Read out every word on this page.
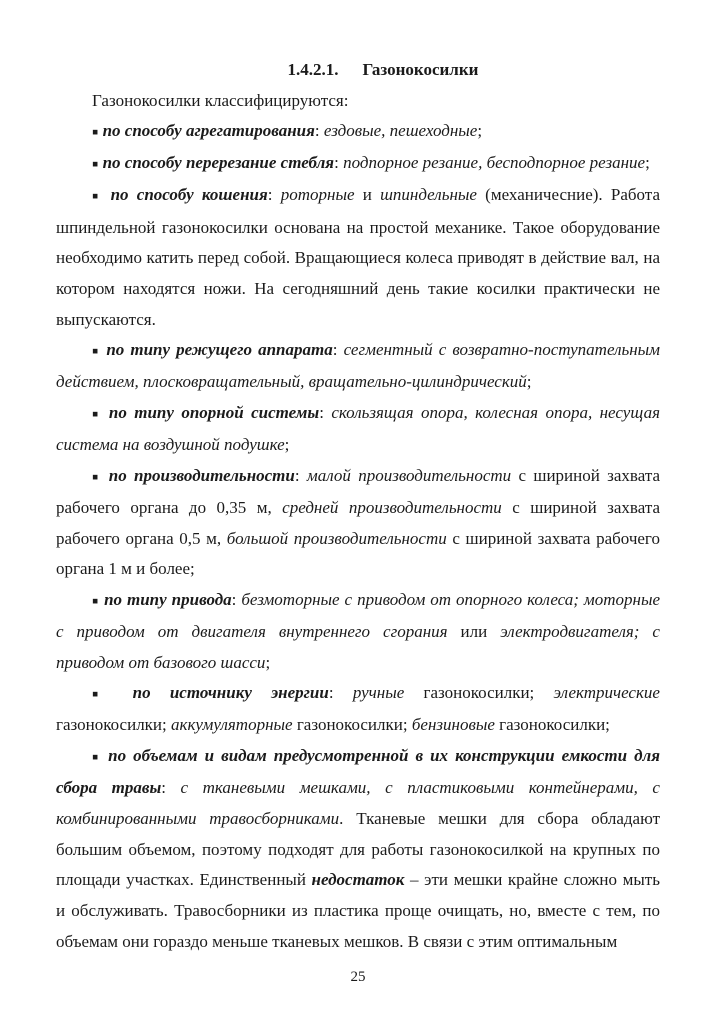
1.4.2.1. Газонокосилки

Газонокосилки классифицируются:

▪ по способу агрегатирования: ездовые, пешеходные;

▪ по способу перерезание стебля: подпорное резание, бесподпорное резание;

▪ по способу кошения: роторные и шпиндельные (механичесние). Работа шпиндельной газонокосилки основана на простой механике. Такое оборудование необходимо катить перед собой. Вращающиеся колеса приводят в действие вал, на котором находятся ножи. На сегодняшний день такие косилки практически не выпускаются.

▪ по типу режущего аппарата: сегментный с возвратно-поступательным действием, плосковращательный, вращательно-цилиндрический;

▪ по типу опорной системы: скользящая опора, колесная опора, несущая система на воздушной подушке;

▪ по производительности: малой производительности с шириной захвата рабочего органа до 0,35 м, средней производительности с шириной захвата рабочего органа 0,5 м, большой производительности с шириной захвата рабочего органа 1 м и более;

▪ по типу привода: безмоторные с приводом от опорного колеса; моторные с приводом от двигателя внутреннего сгорания или электродвигателя; с приводом от базового шасси;

▪ по источнику энергии: ручные газонокосилки; электрические газонокосилки; аккумуляторные газонокосилки; бензиновые газонокосилки;

▪ по объемам и видам предусмотренной в их конструкции емкости для сбора травы: с тканевыми мешками, с пластиковыми контейнерами, с комбинированными травосборниками. Тканевые мешки для сбора обладают большим объемом, поэтому подходят для работы газонокосилкой на крупных по площади участках. Единственный недостаток – эти мешки крайне сложно мыть и обслуживать. Травосборники из пластика проще очищать, но, вместе с тем, по объемам они гораздо меньше тканевых мешков. В связи с этим оптимальным

25
